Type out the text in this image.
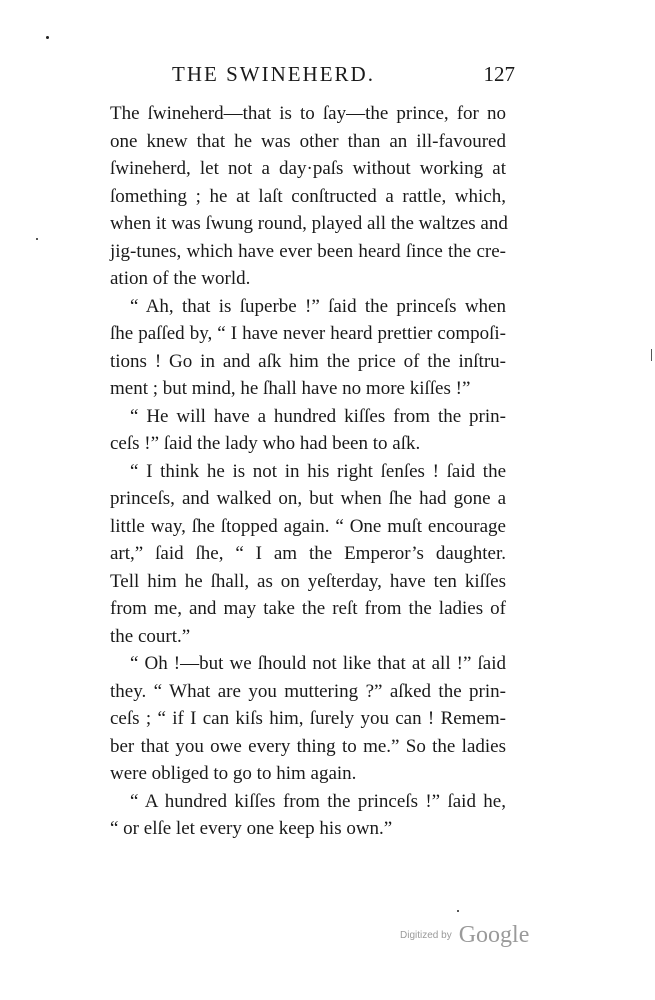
THE SWINEHERD.	127

The ſwineherd—that is to ſay—the prince, for no
one knew that he was other than an ill-favoured
ſwineherd, let not a day·paſs without working at
ſomething ; he at laſt conſtructed a rattle, which,
when it was ſwung round, played all the waltzes and
jig-tunes, which have ever been heard ſince the cre-
ation of the world.

“ Ah, that is ſuperbe !” ſaid the princeſs when
ſhe paſſed by, “ I have never heard prettier compoſi-
tions ! Go in and aſk him the price of the inſtru-
ment ; but mind, he ſhall have no more kiſſes !”

“ He will have a hundred kiſſes from the prin-
ceſs !” ſaid the lady who had been to aſk.

“ I think he is not in his right ſenſes ! ſaid the
princeſs, and walked on, but when ſhe had gone a
little way, ſhe ſtopped again. “ One muſt encourage
art,” ſaid ſhe, “ I am the Emperor’s daughter.
Tell him he ſhall, as on yeſterday, have ten kiſſes
from me, and may take the reſt from the ladies of
the court.”

“ Oh !—but we ſhould not like that at all !” ſaid
they. “ What are you muttering ?” aſked the prin-
ceſs ; “ if I can kiſs him, ſurely you can ! Remem-
ber that you owe every thing to me.” So the ladies
were obliged to go to him again.

“ A hundred kiſſes from the princeſs !” ſaid he,
“ or elſe let every one keep his own.”

Digitized by Google
